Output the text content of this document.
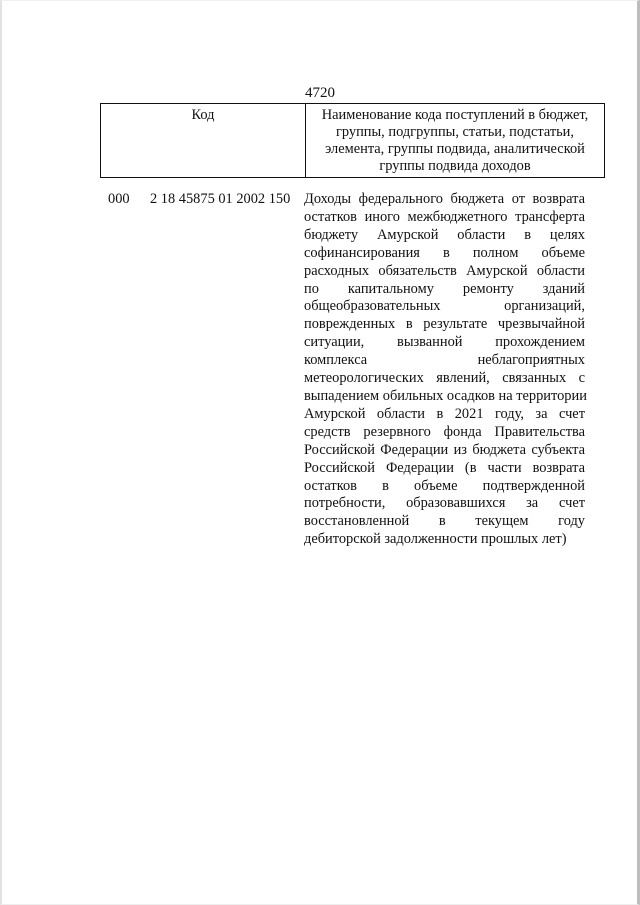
4720
Код	Наименование кода поступлений в бюджет,
группы, подгруппы, статьи, подстатьи,
элемента, группы подвида, аналитической
группы подвида доходов
000 2 18 45875 01 2002 150 Доходы федерального бюджета от возврата
остатков иного межбюджетного трансферта
бюджету Амурской области в целях
софинансирования в полном объеме
расходных обязательств Амурской области
по капитальному ремонту зданий
общеобразовательных организаций,
поврежденных в результате чрезвычайной
ситуации, вызванной прохождением
комплекса неблагоприятных
метеорологических явлений, связанных с
выпадением обильных осадков на территории
Амурской области в 2021 году, за счет
средств резервного фонда Правительства
Российской Федерации из бюджета субъекта
Российской Федерации (в части возврата
остатков в объеме подтвержденной
потребности, образовавшихся за счет
восстановленной в текущем году
дебиторской задолженности прошлых лет)
